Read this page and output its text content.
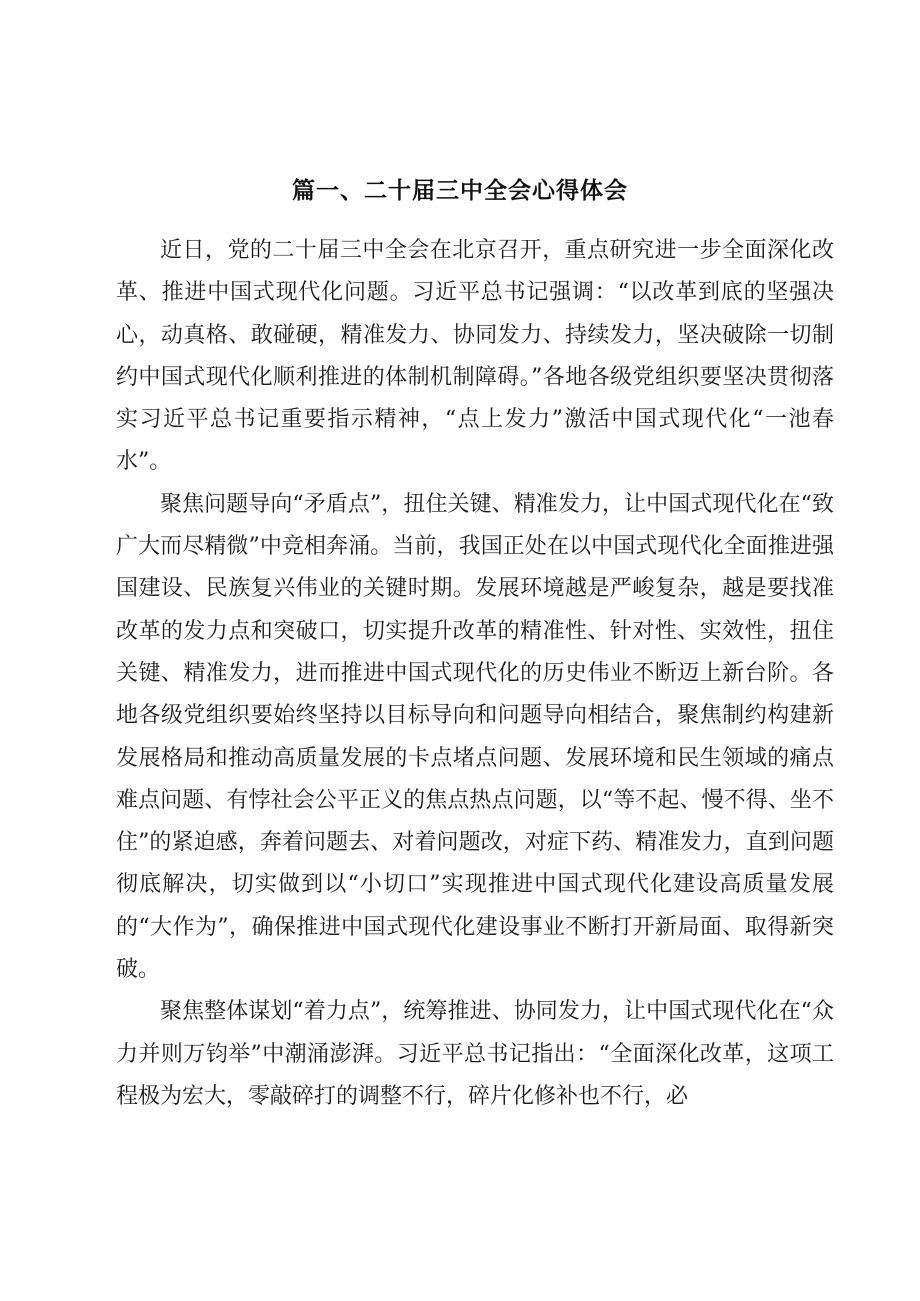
篇一、二十届三中全会心得体会

近日，党的二十届三中全会在北京召开，重点研究进一步全面深化改革、推进中国式现代化问题。习近平总书记强调：“以改革到底的坚强决心，动真格、敢碰硬，精准发力、协同发力、持续发力，坚决破除一切制约中国式现代化顺利推进的体制机制障碍。”各地各级党组织要坚决贯彻落实习近平总书记重要指示精神，“点上发力”激活中国式现代化“一池春水”。

聚焦问题导向“矛盾点”，扭住关键、精准发力，让中国式现代化在“致广大而尽精微”中竞相奔涌。当前，我国正处在以中国式现代化全面推进强国建设、民族复兴伟业的关键时期。发展环境越是严峻复杂，越是要找准改革的发力点和突破口，切实提升改革的精准性、针对性、实效性，扭住关键、精准发力，进而推进中国式现代化的历史伟业不断迈上新台阶。各地各级党组织要始终坚持以目标导向和问题导向相结合，聚焦制约构建新发展格局和推动高质量发展的卡点堵点问题、发展环境和民生领域的痛点难点问题、有悖社会公平正义的焦点热点问题，以“等不起、慢不得、坐不住”的紧迫感，奔着问题去、对着问题改，对症下药、精准发力，直到问题彻底解决，切实做到以“小切口”实现推进中国式现代化建设高质量发展的“大作为”，确保推进中国式现代化建设事业不断打开新局面、取得新突破。

聚焦整体谋划“着力点”，统筹推进、协同发力，让中国式现代化在“众力并则万钧举”中潮涌澎湃。习近平总书记指出：“全面深化改革，这项工程极为宏大，零敲碎打的调整不行，碎片化修补也不行，必
